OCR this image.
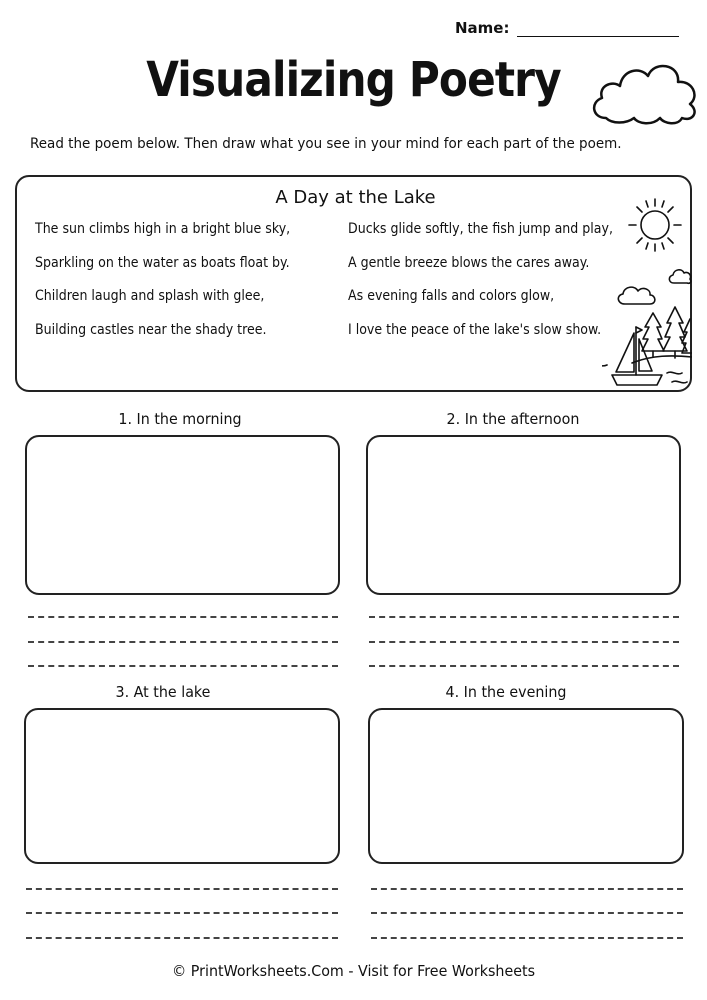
Name:
Visualizing Poetry
Read the poem below. Then draw what you see in your mind for each part of the poem.
A Day at the Lake
The sun climbs high in a bright blue sky,
Sparkling on the water as boats float by.
Children laugh and splash with glee,
Building castles near the shady tree.
Ducks glide softly, the fish jump and play,
A gentle breeze blows the cares away.
As evening falls and colors glow,
I love the peace of the lake's slow show.
1. In the morning	2. In the afternoon
3. At the lake	4. In the evening
© PrintWorksheets.Com - Visit for Free Worksheets
